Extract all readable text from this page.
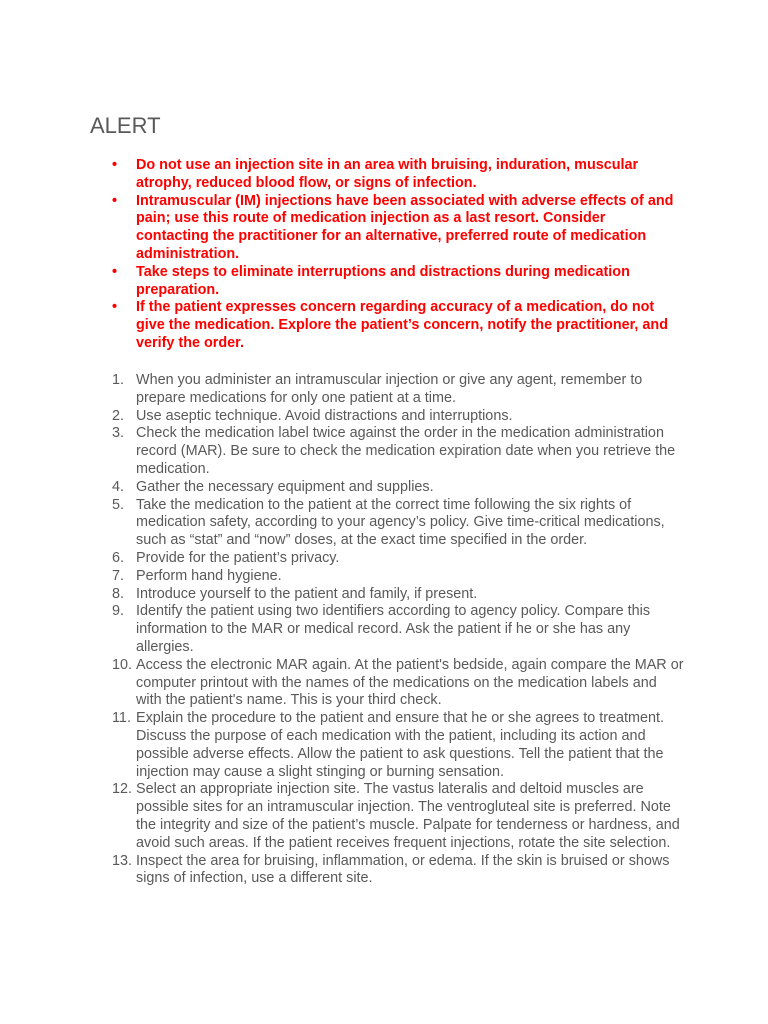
ALERT
• Do not use an injection site in an area with bruising, induration, muscular atrophy, reduced blood flow, or signs of infection.
• Intramuscular (IM) injections have been associated with adverse effects of and pain; use this route of medication injection as a last resort. Consider contacting the practitioner for an alternative, preferred route of medication administration.
• Take steps to eliminate interruptions and distractions during medication preparation.
• If the patient expresses concern regarding accuracy of a medication, do not give the medication. Explore the patient’s concern, notify the practitioner, and verify the order.
1. When you administer an intramuscular injection or give any agent, remember to prepare medications for only one patient at a time.
2. Use aseptic technique. Avoid distractions and interruptions.
3. Check the medication label twice against the order in the medication administration record (MAR). Be sure to check the medication expiration date when you retrieve the medication.
4. Gather the necessary equipment and supplies.
5. Take the medication to the patient at the correct time following the six rights of medication safety, according to your agency’s policy. Give time-critical medications, such as “stat” and “now” doses, at the exact time specified in the order.
6. Provide for the patient’s privacy.
7. Perform hand hygiene.
8. Introduce yourself to the patient and family, if present.
9. Identify the patient using two identifiers according to agency policy. Compare this information to the MAR or medical record. Ask the patient if he or she has any allergies.
10. Access the electronic MAR again. At the patient's bedside, again compare the MAR or computer printout with the names of the medications on the medication labels and with the patient's name. This is your third check.
11. Explain the procedure to the patient and ensure that he or she agrees to treatment. Discuss the purpose of each medication with the patient, including its action and possible adverse effects. Allow the patient to ask questions. Tell the patient that the injection may cause a slight stinging or burning sensation.
12. Select an appropriate injection site. The vastus lateralis and deltoid muscles are possible sites for an intramuscular injection. The ventrogluteal site is preferred. Note the integrity and size of the patient’s muscle. Palpate for tenderness or hardness, and avoid such areas. If the patient receives frequent injections, rotate the site selection.
13. Inspect the area for bruising, inflammation, or edema. If the skin is bruised or shows signs of infection, use a different site.
